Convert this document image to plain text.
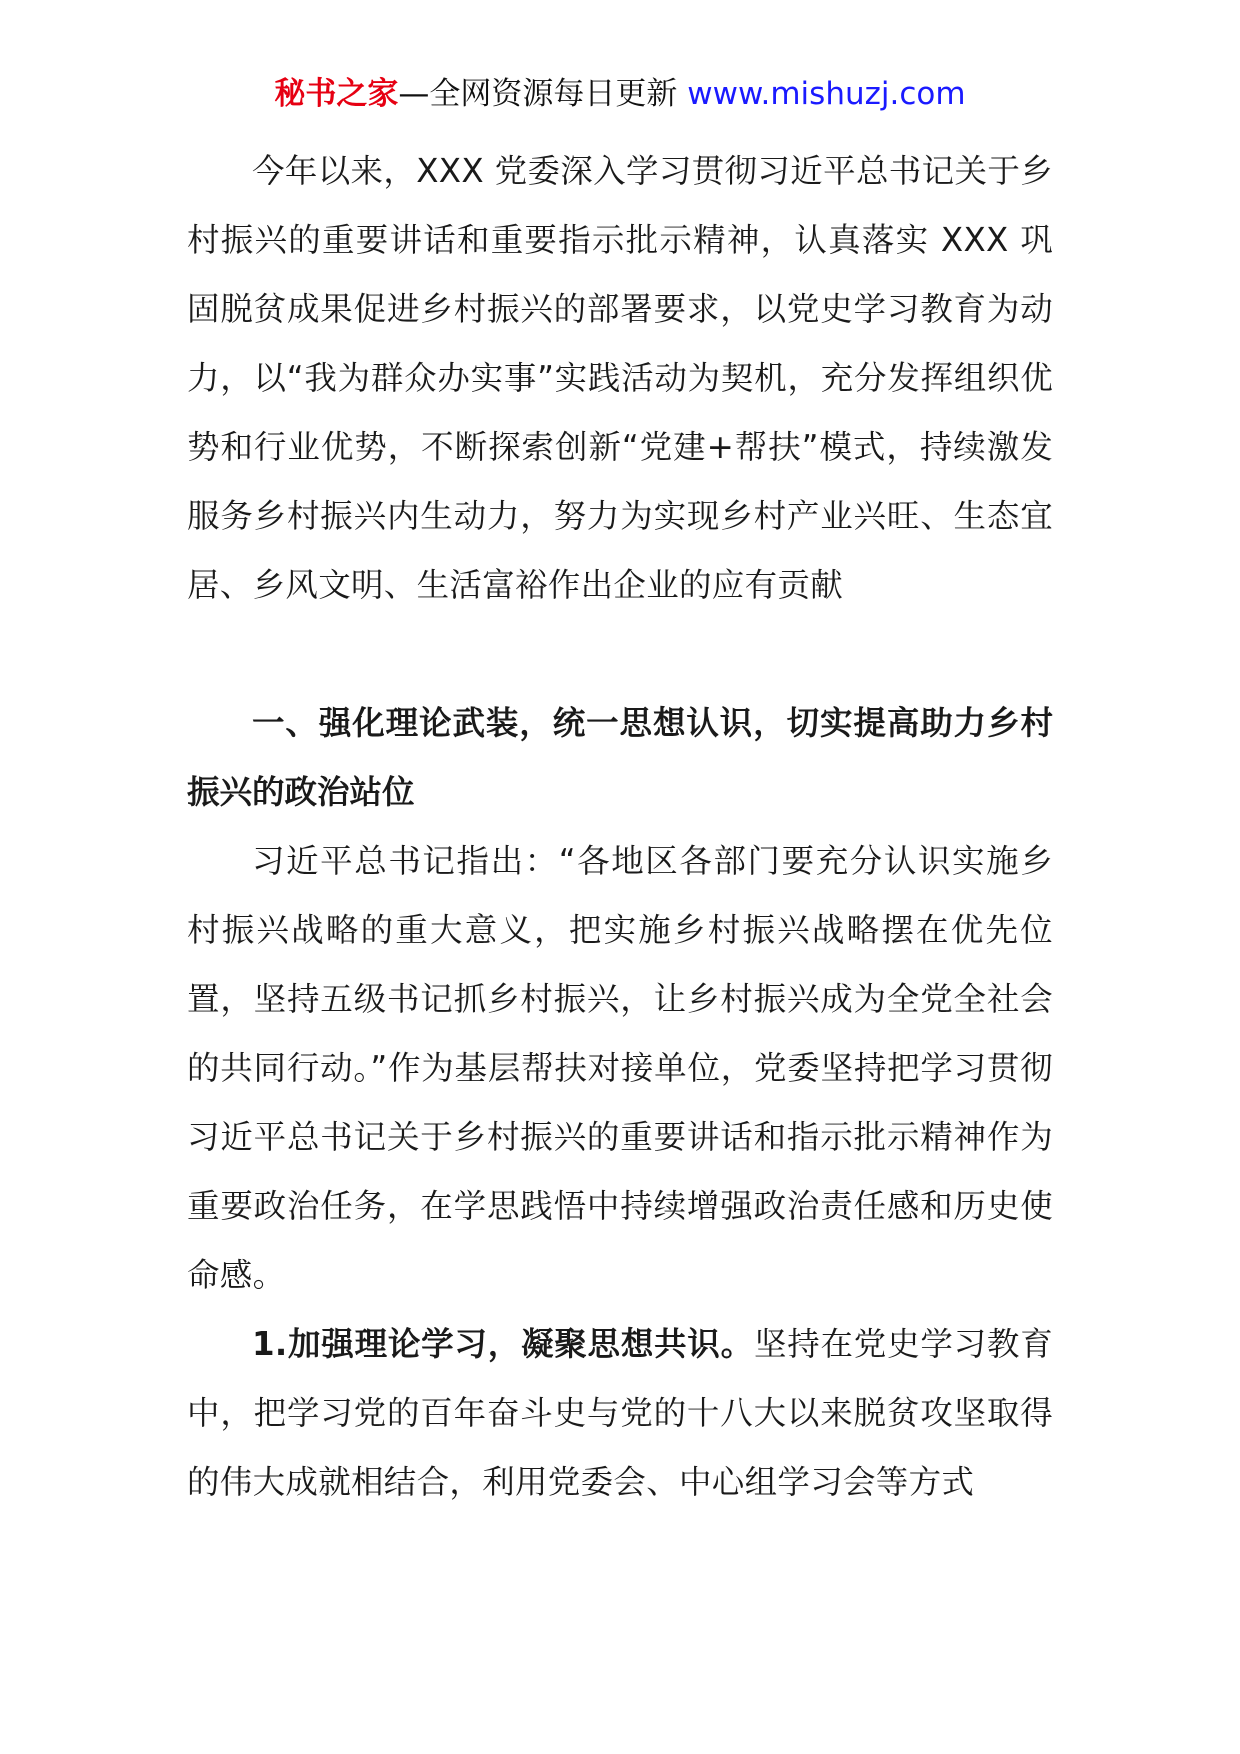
秘书之家—全网资源每日更新 www.mishuzj.com

今年以来，XXX 党委深入学习贯彻习近平总书记关于乡村振兴的重要讲话和重要指示批示精神，认真落实 XXX 巩固脱贫成果促进乡村振兴的部署要求，以党史学习教育为动力，以“我为群众办实事”实践活动为契机，充分发挥组织优势和行业优势，不断探索创新“党建+帮扶”模式，持续激发服务乡村振兴内生动力，努力为实现乡村产业兴旺、生态宜居、乡风文明、生活富裕作出企业的应有贡献

一、强化理论武装，统一思想认识，切实提高助力乡村振兴的政治站位

习近平总书记指出：“各地区各部门要充分认识实施乡村振兴战略的重大意义，把实施乡村振兴战略摆在优先位置，坚持五级书记抓乡村振兴，让乡村振兴成为全党全社会的共同行动。”作为基层帮扶对接单位，党委坚持把学习贯彻习近平总书记关于乡村振兴的重要讲话和指示批示精神作为重要政治任务，在学思践悟中持续增强政治责任感和历史使命感。

1.加强理论学习，凝聚思想共识。坚持在党史学习教育中，把学习党的百年奋斗史与党的十八大以来脱贫攻坚取得的伟大成就相结合，利用党委会、中心组学习会等方式
